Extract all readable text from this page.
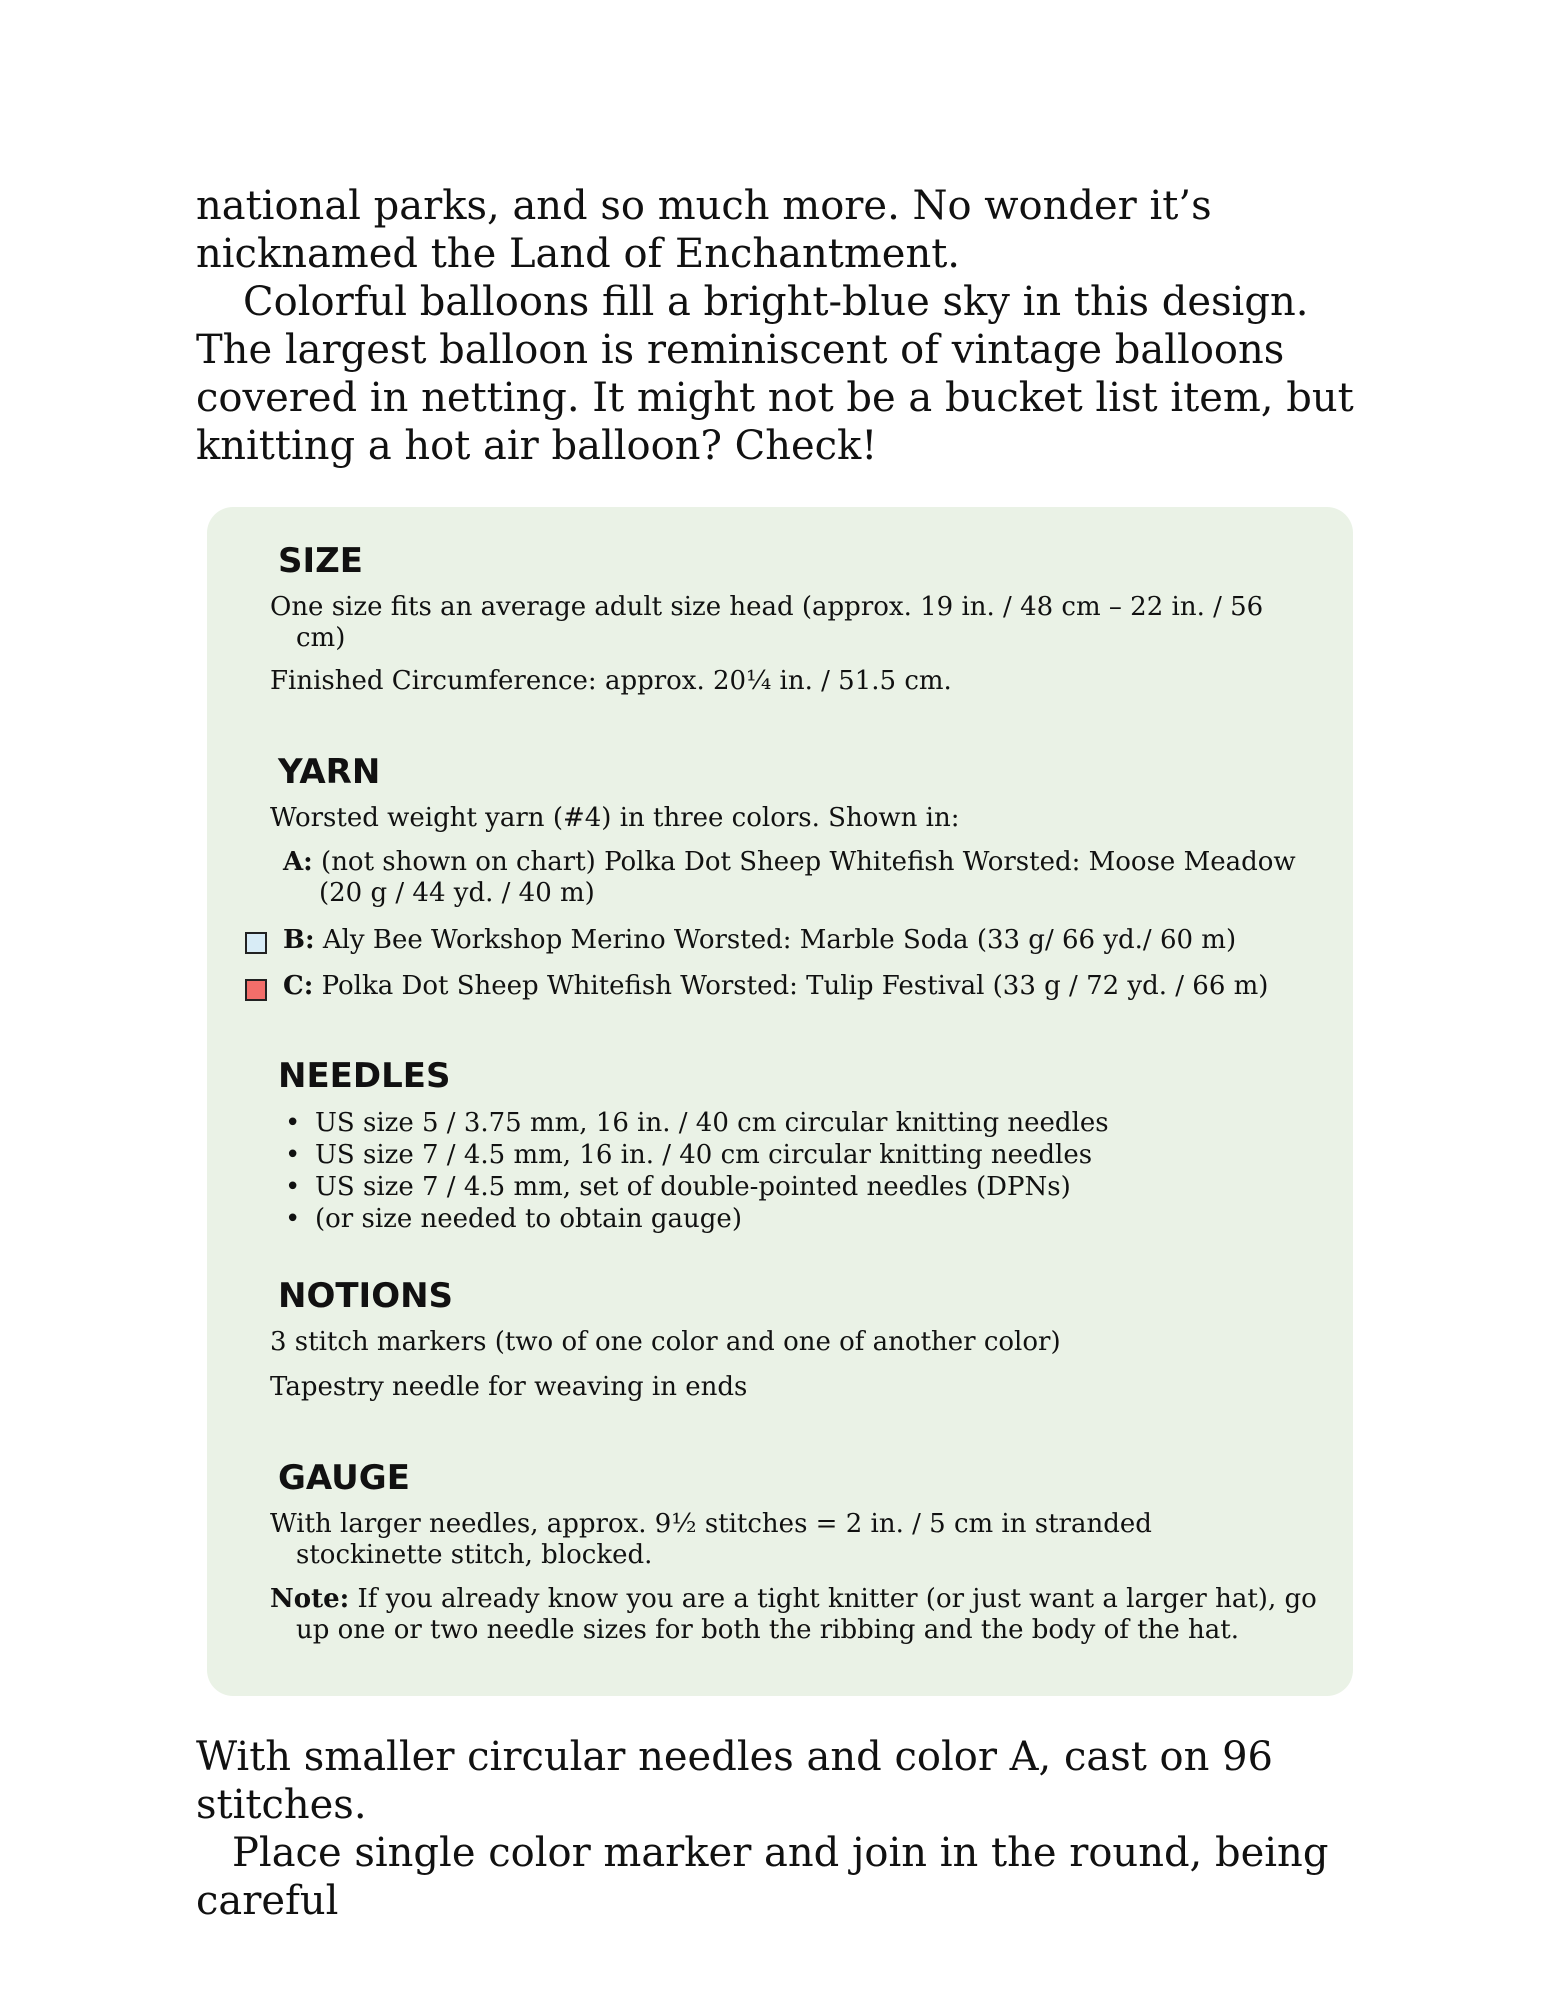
national parks, and so much more. No wonder it’s

nicknamed the Land of Enchantment.

Colorful balloons fill a bright-blue sky in this design. The largest balloon is reminiscent of vintage balloons covered in netting. It might not be a bucket list item, but knitting a hot air balloon? Check!

SIZE

One size fits an average adult size head (approx. 19 in. / 48 cm – 22 in. / 56 cm)

Finished Circumference: approx. 20¼ in. / 51.5 cm.

YARN

Worsted weight yarn (#4) in three colors. Shown in:

A: (not shown on chart) Polka Dot Sheep Whitefish Worsted: Moose Meadow (20 g / 44 yd. / 40 m)

B: Aly Bee Workshop Merino Worsted: Marble Soda (33 g/ 66 yd./ 60 m)

C: Polka Dot Sheep Whitefish Worsted: Tulip Festival (33 g / 72 yd. / 66 m)

NEEDLES
• US size 5 / 3.75 mm, 16 in. / 40 cm circular knitting needles
• US size 7 / 4.5 mm, 16 in. / 40 cm circular knitting needles
• US size 7 / 4.5 mm, set of double-pointed needles (DPNs)
• (or size needed to obtain gauge)
NOTIONS

3 stitch markers (two of one color and one of another color)

Tapestry needle for weaving in ends

GAUGE

With larger needles, approx. 9½ stitches = 2 in. / 5 cm in stranded stockinette stitch, blocked.

Note: If you already know you are a tight knitter (or just want a larger hat), go up one or two needle sizes for both the ribbing and the body of the hat.

With smaller circular needles and color A, cast on 96 stitches.

Place single color marker and join in the round, being careful
